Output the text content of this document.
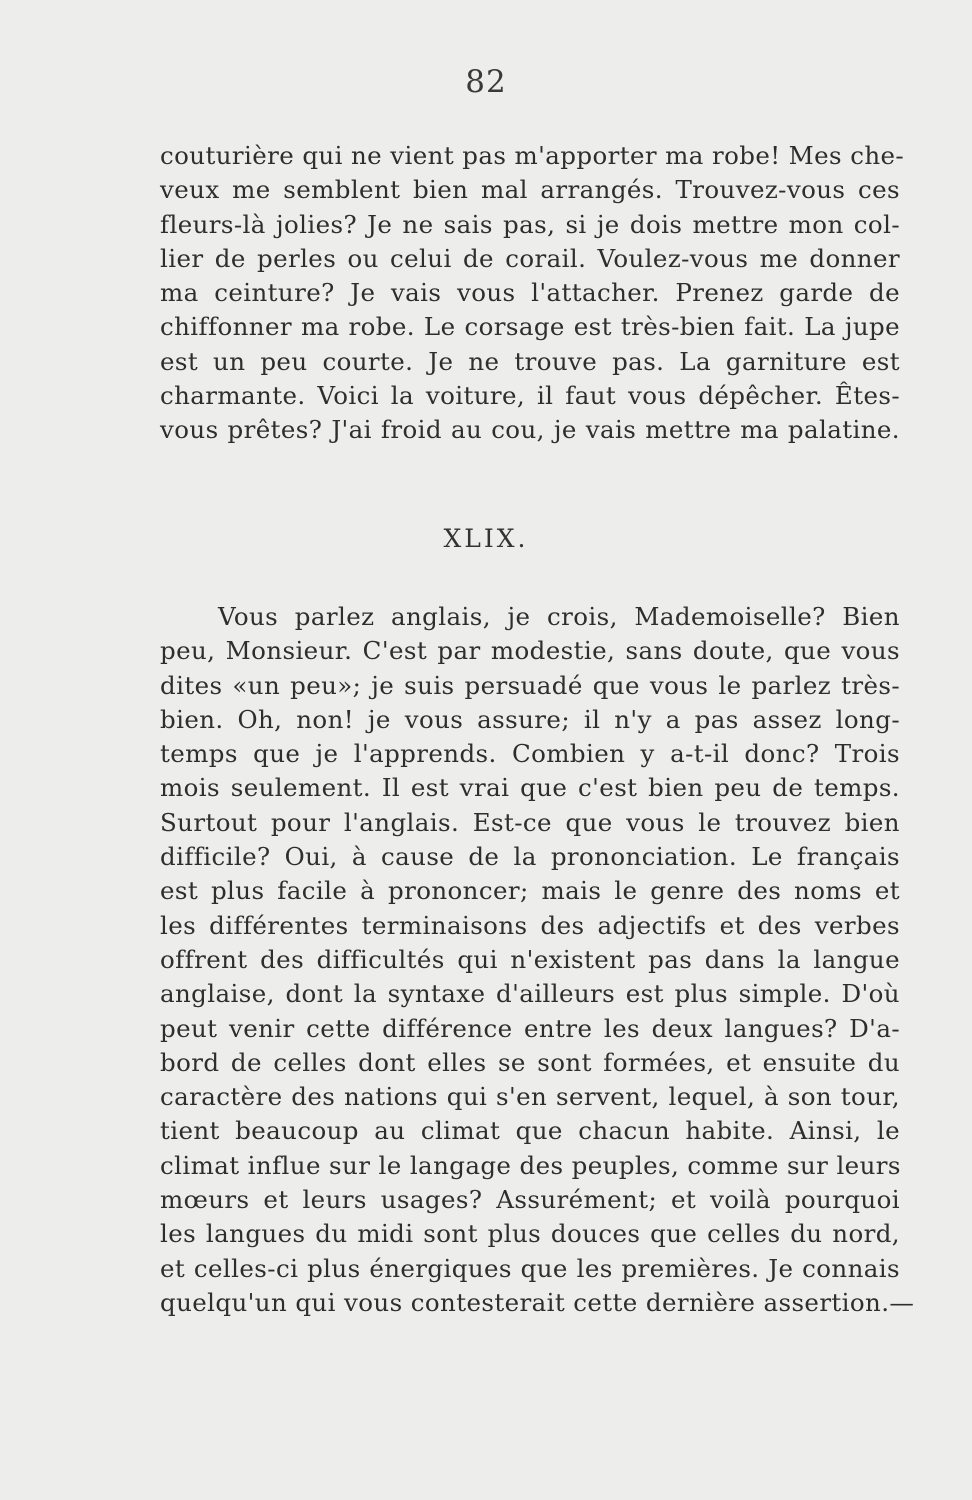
82
couturière qui ne vient pas m'apporter ma robe! Mes che-
veux me semblent bien mal arrangés. Trouvez-vous ces
fleurs-là jolies? Je ne sais pas, si je dois mettre mon col-
lier de perles ou celui de corail. Voulez-vous me donner
ma ceinture? Je vais vous l'attacher. Prenez garde de
chiffonner ma robe. Le corsage est très-bien fait. La jupe
est un peu courte. Je ne trouve pas. La garniture est
charmante. Voici la voiture, il faut vous dépêcher. Êtes-
vous prêtes? J'ai froid au cou, je vais mettre ma palatine.
XLIX.
Vous parlez anglais, je crois, Mademoiselle? Bien
peu, Monsieur. C'est par modestie, sans doute, que vous
dites «un peu»; je suis persuadé que vous le parlez très-
bien. Oh, non! je vous assure; il n'y a pas assez long-
temps que je l'apprends. Combien y a-t-il donc? Trois
mois seulement. Il est vrai que c'est bien peu de temps.
Surtout pour l'anglais. Est-ce que vous le trouvez bien
difficile? Oui, à cause de la prononciation. Le français
est plus facile à prononcer; mais le genre des noms et
les différentes terminaisons des adjectifs et des verbes
offrent des difficultés qui n'existent pas dans la langue
anglaise, dont la syntaxe d'ailleurs est plus simple. D'où
peut venir cette différence entre les deux langues? D'a-
bord de celles dont elles se sont formées, et ensuite du
caractère des nations qui s'en servent, lequel, à son tour,
tient beaucoup au climat que chacun habite. Ainsi, le
climat influe sur le langage des peuples, comme sur leurs
mœurs et leurs usages? Assurément; et voilà pourquoi
les langues du midi sont plus douces que celles du nord,
et celles-ci plus énergiques que les premières. Je connais
quelqu'un qui vous contesterait cette dernière assertion.—
